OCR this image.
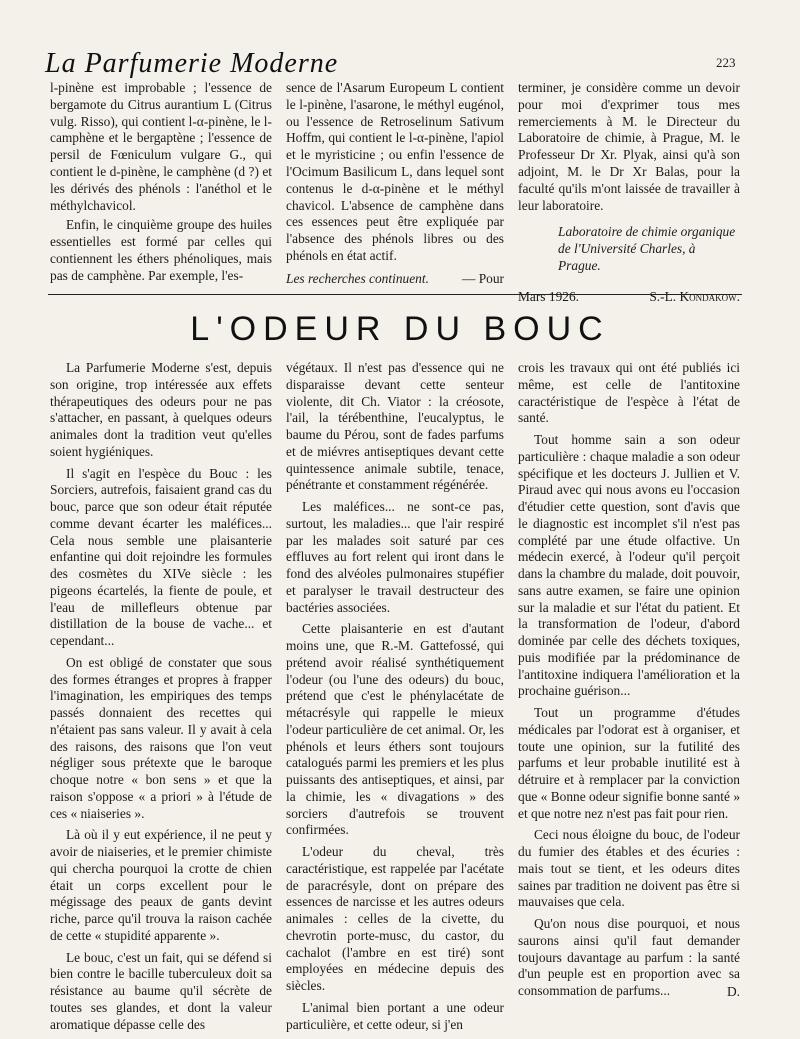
La Parfumerie Moderne	223

l-pinène est improbable ; l'essence de bergamote du Citrus aurantium L (Citrus vulg. Risso), qui contient l-α-pinène, le l-camphène et le bergaptène ; l'essence de persil de Fœniculum vulgare G., qui contient le d-pinène, le camphène (d ?) et les dérivés des phénols : l'anéthol et le méthylchavicol.

Enfin, le cinquième groupe des huiles essentielles est formé par celles qui contiennent les éthers phénoliques, mais pas de camphène. Par exemple, l'es-

sence de l'Asarum Europeum L contient le l-pinène, l'asarone, le méthyl eugénol, ou l'essence de Retroselinum Sativum Hoffm, qui contient le l-α-pinène, l'apiol et le myristicine ; ou enfin l'essence de l'Ocimum Basilicum L, dans lequel sont contenus le d-α-pinène et le méthyl chavicol. L'absence de camphène dans ces essences peut être expliquée par l'absence des phénols libres ou des phénols en état actif.

Les recherches continuent. — Pour

terminer, je considère comme un devoir pour moi d'exprimer tous mes remerciements à M. le Directeur du Laboratoire de chimie, à Prague, M. le Professeur Dr Xr. Plyak, ainsi qu'à son adjoint, M. le Dr Xr Balas, pour la faculté qu'ils m'ont laissée de travailler à leur laboratoire.

Laboratoire de chimie organique de l'Université Charles, à Prague.
Mars 1926.	S.-L. Kondakow.
L'ODEUR DU BOUC

La Parfumerie Moderne s'est, depuis son origine, trop intéressée aux effets thérapeutiques des odeurs pour ne pas s'attacher, en passant, à quelques odeurs animales dont la tradition veut qu'elles soient hygiéniques.

Il s'agit en l'espèce du Bouc : les Sorciers, autrefois, faisaient grand cas du bouc, parce que son odeur était réputée comme devant écarter les maléfices... Cela nous semble une plaisanterie enfantine qui doit rejoindre les formules des cosmètes du XIVe siècle : les pigeons écartelés, la fiente de poule, et l'eau de millefleurs obtenue par distillation de la bouse de vache... et cependant...

On est obligé de constater que sous des formes étranges et propres à frapper l'imagination, les empiriques des temps passés donnaient des recettes qui n'étaient pas sans valeur. Il y avait à cela des raisons, des raisons que l'on veut négliger sous prétexte que le baroque choque notre « bon sens » et que la raison s'oppose « a priori » à l'étude de ces « niaiseries ».

Là où il y eut expérience, il ne peut y avoir de niaiseries, et le premier chimiste qui chercha pourquoi la crotte de chien était un corps excellent pour le mégissage des peaux de gants devint riche, parce qu'il trouva la raison cachée de cette « stupidité apparente ».

Le bouc, c'est un fait, qui se défend si bien contre le bacille tuberculeux doit sa résistance au baume qu'il sécrète de toutes ses glandes, et dont la valeur aromatique dépasse celle des

végétaux. Il n'est pas d'essence qui ne disparaisse devant cette senteur violente, dit Ch. Viator : la créosote, l'ail, la térébenthine, l'eucalyptus, le baume du Pérou, sont de fades parfums et de miévres antiseptiques devant cette quintessence animale subtile, tenace, pénétrante et constamment régénérée.

Les maléfices... ne sont-ce pas, surtout, les maladies... que l'air respiré par les malades soit saturé par ces effluves au fort relent qui iront dans le fond des alvéoles pulmonaires stupéfier et paralyser le travail destructeur des bactéries associées.

Cette plaisanterie en est d'autant moins une, que R.-M. Gattefossé, qui prétend avoir réalisé synthétiquement l'odeur (ou l'une des odeurs) du bouc, prétend que c'est le phénylacétate de métacrésyle qui rappelle le mieux l'odeur particulière de cet animal. Or, les phénols et leurs éthers sont toujours catalogués parmi les premiers et les plus puissants des antiseptiques, et ainsi, par la chimie, les « divagations » des sorciers d'autrefois se trouvent confirmées.

L'odeur du cheval, très caractéristique, est rappelée par l'acétate de paracrésyle, dont on prépare des essences de narcisse et les autres odeurs animales : celles de la civette, du chevrotin porte-musc, du castor, du cachalot (l'ambre en est tiré) sont employées en médecine depuis des siècles.

L'animal bien portant a une odeur particulière, et cette odeur, si j'en

crois les travaux qui ont été publiés ici même, est celle de l'antitoxine caractéristique de l'espèce à l'état de santé.

Tout homme sain a son odeur particulière : chaque maladie a son odeur spécifique et les docteurs J. Jullien et V. Piraud avec qui nous avons eu l'occasion d'étudier cette question, sont d'avis que le diagnostic est incomplet s'il n'est pas complété par une étude olfactive. Un médecin exercé, à l'odeur qu'il perçoit dans la chambre du malade, doit pouvoir, sans autre examen, se faire une opinion sur la maladie et sur l'état du patient. Et la transformation de l'odeur, d'abord dominée par celle des déchets toxiques, puis modifiée par la prédominance de l'antitoxine indiquera l'amélioration et la prochaine guérison...

Tout un programme d'études médicales par l'odorat est à organiser, et toute une opinion, sur la futilité des parfums et leur probable inutilité est à détruire et à remplacer par la conviction que « Bonne odeur signifie bonne santé » et que notre nez n'est pas fait pour rien.

Ceci nous éloigne du bouc, de l'odeur du fumier des étables et des écuries : mais tout se tient, et les odeurs dites saines par tradition ne doivent pas être si mauvaises que cela.

Qu'on nous dise pourquoi, et nous saurons ainsi qu'il faut demander toujours davantage au parfum : la santé d'un peuple est en proportion avec sa consommation de parfums...	D.
